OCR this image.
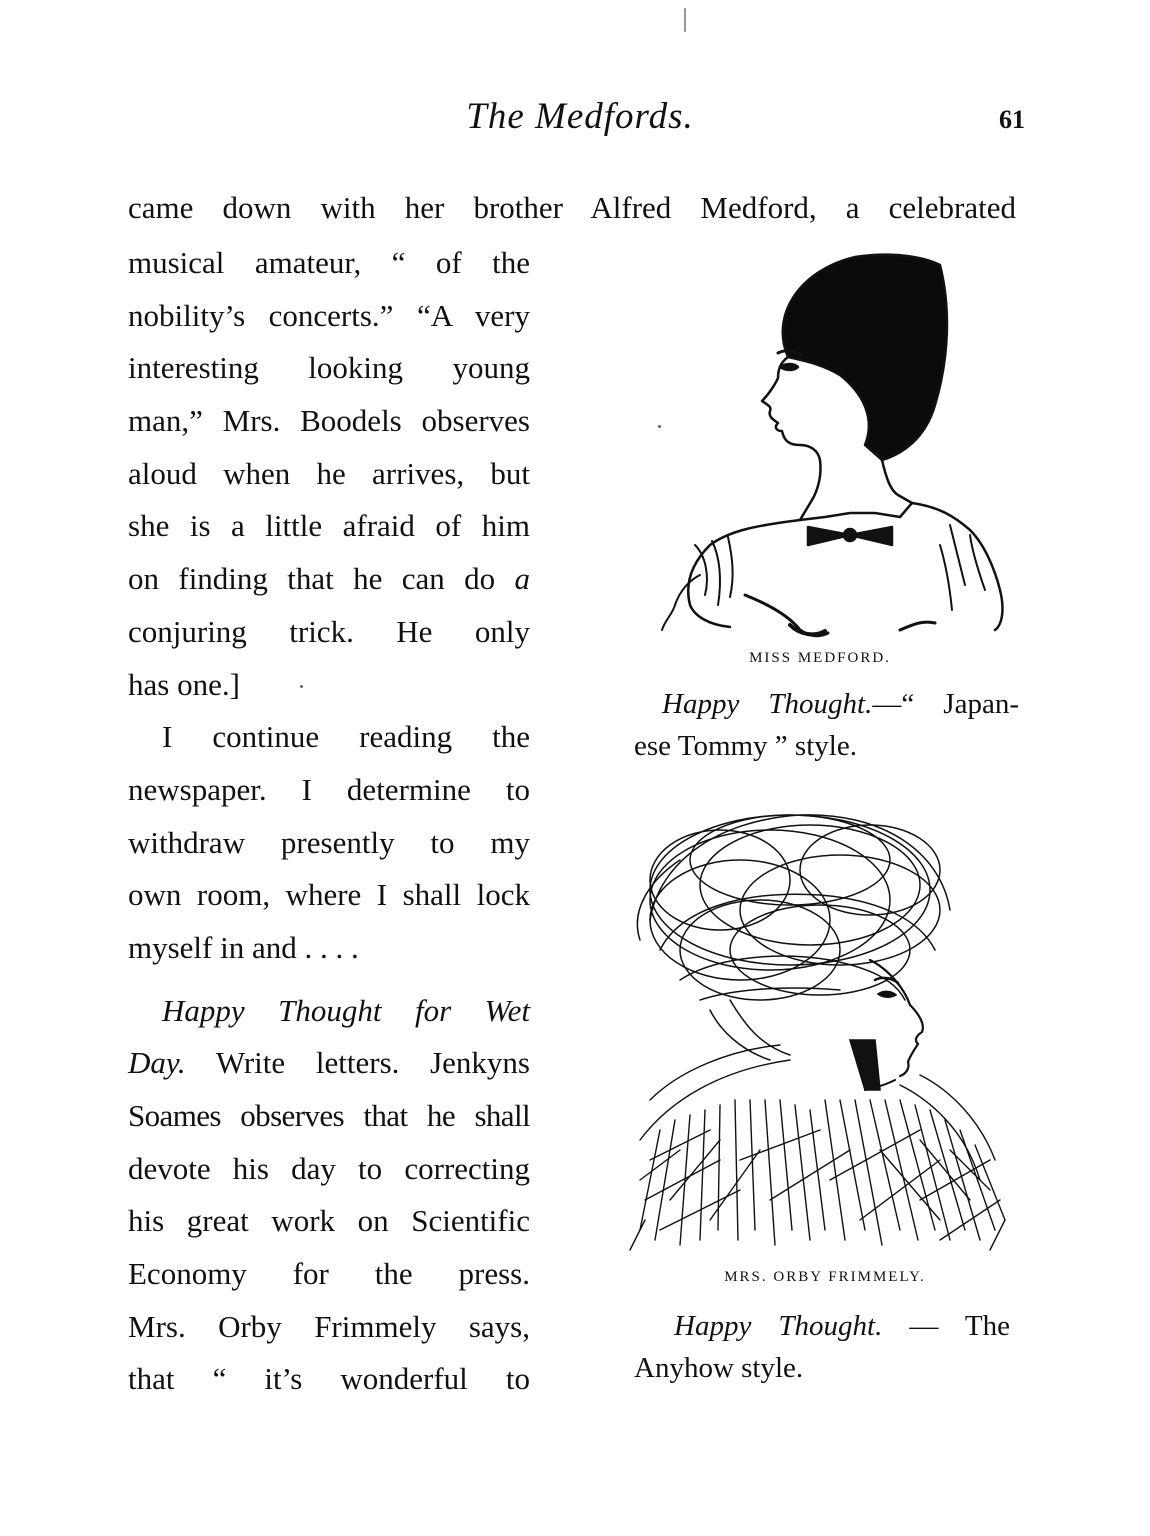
The Medfords.	61
came down with her brother Alfred Medford, a celebrated
musical amateur, “ of the
nobility’s concerts.” “A very
interesting looking young
man,” Mrs. Boodels observes
aloud when he arrives, but
she is a little afraid of him
on finding that he can do a
conjuring trick. He only
has one.]
I continue reading the
newspaper. I determine to
withdraw presently to my
own room, where I shall lock
myself in and . . . .
Happy Thought for Wet
Day. Write letters. Jenkyns
Soames observes that he shall
devote his day to correcting
his great work on Scientific
Economy for the press.
Mrs. Orby Frimmely says,
that “ it’s wonderful to
MISS MEDFORD.
Happy Thought.—“ Japan-
ese Tommy ” style.
MRS. ORBY FRIMMELY.
Happy Thought. — The
Anyhow style.
